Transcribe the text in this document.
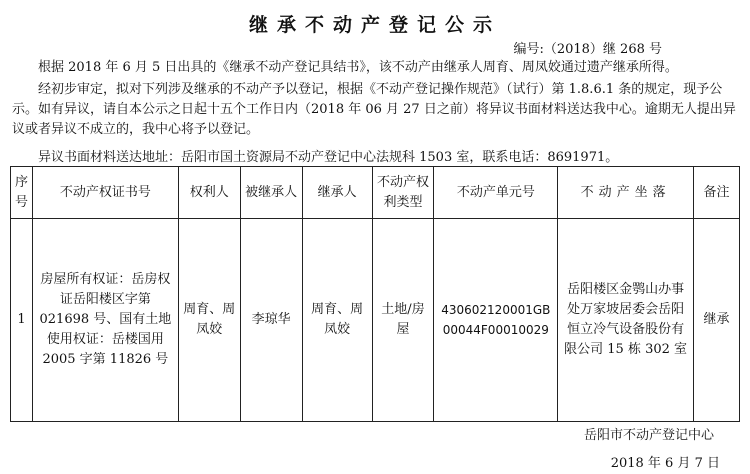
继承不动产登记公示
编号:（2018）继 268 号

根据 2018 年 6 月 5 日出具的《继承不动产登记具结书》，该不动产由继承人周育、周凤姣通过遗产继承所得。

经初步审定，拟对下列涉及继承的不动产予以登记，根据《不动产登记操作规范》（试行）第 1.8.6.1 条的规定，现予公示。如有异议，请自本公示之日起十五个工作日内（2018 年 06 月 27 日之前）将异议书面材料送达我中心。逾期无人提出异议或者异议不成立的，我中心将予以登记。

异议书面材料送达地址：岳阳市国土资源局不动产登记中心法规科 1503 室，联系电话：8691971。

序号	不动产权证书号	权利人	被继承人	继承人	不动产权利类型	不动产单元号	不动产坐落	备注
1	房屋所有权证：岳房权证岳阳楼区字第 021698 号、国有土地使用权证：岳楼国用 2005 字第 11826 号	周育、周凤姣	李琼华	周育、周凤姣	土地/房屋	430602120001GB00044F00010029	岳阳楼区金鹗山办事处万家坡居委会岳阳恒立冷气设备股份有限公司 15 栋 302 室	继承
岳阳市不动产登记中心
2018 年 6 月 7 日
